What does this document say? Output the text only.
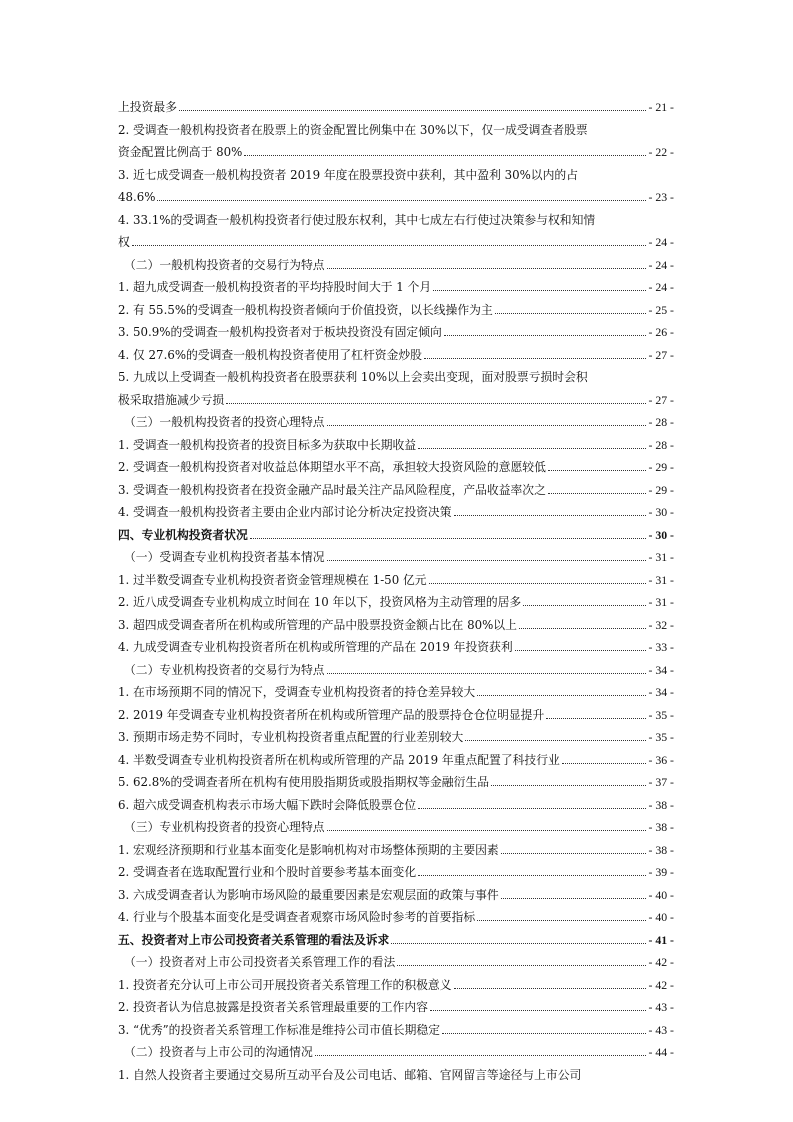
上投资最多	- 21 -
2. 受调查一般机构投资者在股票上的资金配置比例集中在 30%以下，仅一成受调查者股票
资金配置比例高于 80%	- 22 -
3. 近七成受调查一般机构投资者 2019 年度在股票投资中获利，其中盈利 30%以内的占
48.6%	- 23 -
4. 33.1%的受调查一般机构投资者行使过股东权利，其中七成左右行使过决策参与权和知情
权	- 24 -
（二）一般机构投资者的交易行为特点	- 24 -
1. 超九成受调查一般机构投资者的平均持股时间大于 1 个月	- 24 -
2. 有 55.5%的受调查一般机构投资者倾向于价值投资，以长线操作为主	- 25 -
3. 50.9%的受调查一般机构投资者对于板块投资没有固定倾向	- 26 -
4. 仅 27.6%的受调查一般机构投资者使用了杠杆资金炒股	- 27 -
5. 九成以上受调查一般机构投资者在股票获利 10%以上会卖出变现，面对股票亏损时会积
极采取措施减少亏损	- 27 -
（三）一般机构投资者的投资心理特点	- 28 -
1. 受调查一般机构投资者的投资目标多为获取中长期收益	- 28 -
2. 受调查一般机构投资者对收益总体期望水平不高，承担较大投资风险的意愿较低	- 29 -
3. 受调查一般机构投资者在投资金融产品时最关注产品风险程度，产品收益率次之	- 29 -
4. 受调查一般机构投资者主要由企业内部讨论分析决定投资决策	- 30 -
四、专业机构投资者状况	- 30 -
（一）受调查专业机构投资者基本情况	- 31 -
1. 过半数受调查专业机构投资者资金管理规模在 1-50 亿元	- 31 -
2. 近八成受调查专业机构成立时间在 10 年以下，投资风格为主动管理的居多	- 31 -
3. 超四成受调查者所在机构或所管理的产品中股票投资金额占比在 80%以上	- 32 -
4. 九成受调查专业机构投资者所在机构或所管理的产品在 2019 年投资获利	- 33 -
（二）专业机构投资者的交易行为特点	- 34 -
1. 在市场预期不同的情况下，受调查专业机构投资者的持仓差异较大	- 34 -
2. 2019 年受调查专业机构投资者所在机构或所管理产品的股票持仓仓位明显提升	- 35 -
3. 预期市场走势不同时，专业机构投资者重点配置的行业差别较大	- 35 -
4. 半数受调查专业机构投资者所在机构或所管理的产品 2019 年重点配置了科技行业	- 36 -
5. 62.8%的受调查者所在机构有使用股指期货或股指期权等金融衍生品	- 37 -
6. 超六成受调查机构表示市场大幅下跌时会降低股票仓位	- 38 -
（三）专业机构投资者的投资心理特点	- 38 -
1. 宏观经济预期和行业基本面变化是影响机构对市场整体预期的主要因素	- 38 -
2. 受调查者在选取配置行业和个股时首要参考基本面变化	- 39 -
3. 六成受调查者认为影响市场风险的最重要因素是宏观层面的政策与事件	- 40 -
4. 行业与个股基本面变化是受调查者观察市场风险时参考的首要指标	- 40 -
五、投资者对上市公司投资者关系管理的看法及诉求	- 41 -
（一）投资者对上市公司投资者关系管理工作的看法	- 42 -
1. 投资者充分认可上市公司开展投资者关系管理工作的积极意义	- 42 -
2. 投资者认为信息披露是投资者关系管理最重要的工作内容	- 43 -
3. “优秀”的投资者关系管理工作标准是维持公司市值长期稳定	- 43 -
（二）投资者与上市公司的沟通情况	- 44 -
1. 自然人投资者主要通过交易所互动平台及公司电话、邮箱、官网留言等途径与上市公司
